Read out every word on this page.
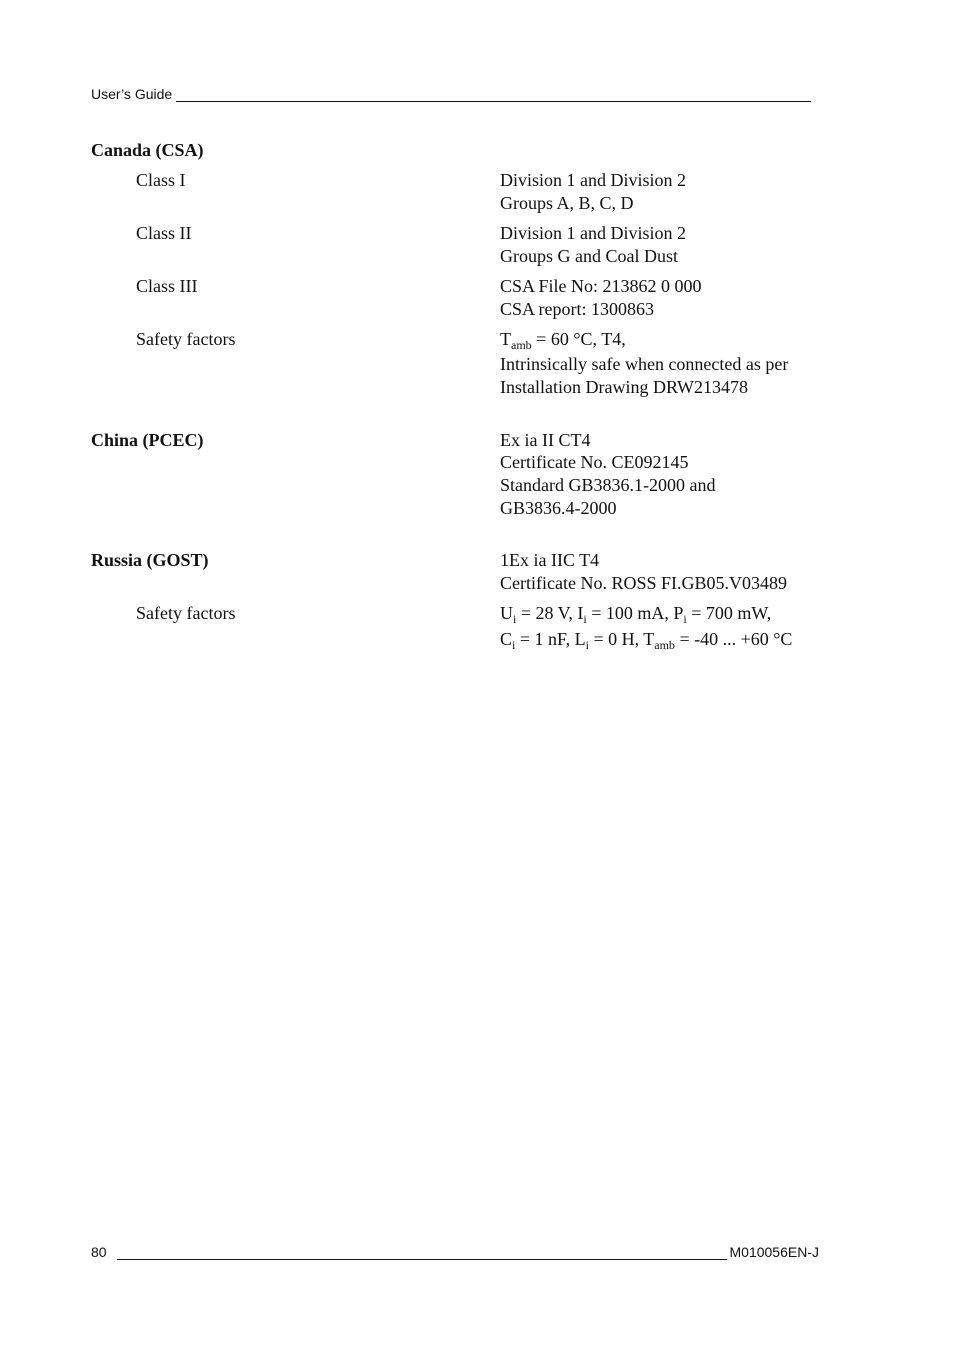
User’s Guide
Canada (CSA)
Class I	Division 1 and Division 2
Groups A, B, C, D
Class II	Division 1 and Division 2
Groups G and Coal Dust
Class III	CSA File No: 213862 0 000
CSA report: 1300863
Safety factors	$T_{amb} = 60$ °C, T4,
Intrinsically safe when connected as per
Installation Drawing DRW213478
China (PCEC)	Ex ia II CT4
Certificate No. CE092145
Standard GB3836.1-2000 and
GB3836.4-2000
Russia (GOST)	1Ex ia IIC T4
Certificate No. ROSS FI.GB05.V03489
Safety factors	$U_i = 28$ V, $I_i = 100$ mA, $P_i = 700$ mW,
$C_i = 1$ nF, $L_i = 0$ H, $T_{amb} = -40$ ... +60 °C
80	M010056EN-J
